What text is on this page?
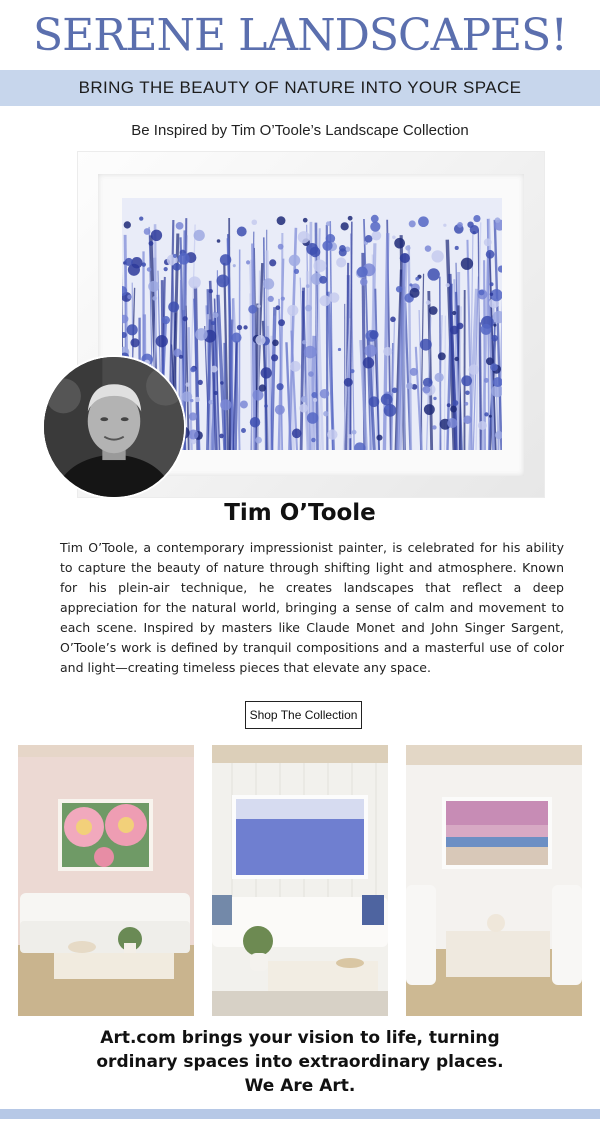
SERENE LANDSCAPES!
BRING THE BEAUTY OF NATURE INTO YOUR SPACE
Be Inspired by Tim O’Toole’s Landscape Collection
Tim O’Toole

Tim O’Toole, a contemporary impressionist painter, is celebrated for his ability to capture the beauty of nature through shifting light and atmosphere. Known for his plein-air technique, he creates landscapes that reflect a deep appreciation for the natural world, bringing a sense of calm and movement to each scene. Inspired by masters like Claude Monet and John Singer Sargent, O’Toole’s work is defined by tranquil compositions and a masterful use of color and light—creating timeless pieces that elevate any space.

Shop The Collection
Art.com brings your vision to life, turning
ordinary spaces into extraordinary places.
We Are Art.
